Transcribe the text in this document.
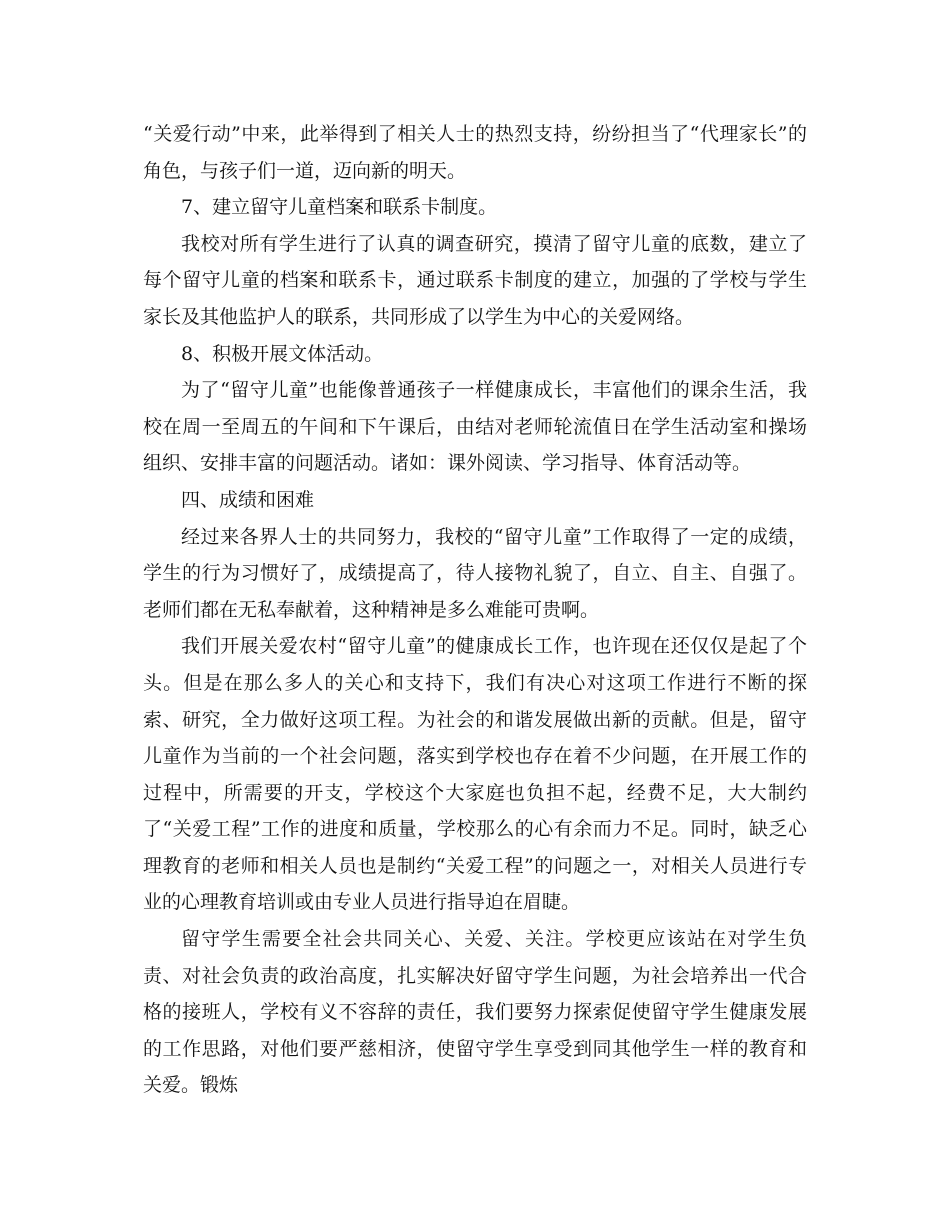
“关爱行动”中来，此举得到了相关人士的热烈支持，纷纷担当了“代理家长”的角色，与孩子们一道，迈向新的明天。

7、建立留守儿童档案和联系卡制度。

我校对所有学生进行了认真的调查研究，摸清了留守儿童的底数，建立了每个留守儿童的档案和联系卡，通过联系卡制度的建立，加强的了学校与学生家长及其他监护人的联系，共同形成了以学生为中心的关爱网络。

8、积极开展文体活动。

为了“留守儿童”也能像普通孩子一样健康成长，丰富他们的课余生活，我校在周一至周五的午间和下午课后，由结对老师轮流值日在学生活动室和操场组织、安排丰富的问题活动。诸如：课外阅读、学习指导、体育活动等。

四、成绩和困难

经过来各界人士的共同努力，我校的“留守儿童”工作取得了一定的成绩，学生的行为习惯好了，成绩提高了，待人接物礼貌了，自立、自主、自强了。老师们都在无私奉献着，这种精神是多么难能可贵啊。

我们开展关爱农村“留守儿童”的健康成长工作，也许现在还仅仅是起了个头。但是在那么多人的关心和支持下，我们有决心对这项工作进行不断的探索、研究，全力做好这项工程。为社会的和谐发展做出新的贡献。但是，留守儿童作为当前的一个社会问题，落实到学校也存在着不少问题，在开展工作的过程中，所需要的开支，学校这个大家庭也负担不起，经费不足，大大制约了“关爱工程”工作的进度和质量，学校那么的心有余而力不足。同时，缺乏心理教育的老师和相关人员也是制约“关爱工程”的问题之一，对相关人员进行专业的心理教育培训或由专业人员进行指导迫在眉睫。

留守学生需要全社会共同关心、关爱、关注。学校更应该站在对学生负责、对社会负责的政治高度，扎实解决好留守学生问题，为社会培养出一代合格的接班人，学校有义不容辞的责任，我们要努力探索促使留守学生健康发展的工作思路，对他们要严慈相济，使留守学生享受到同其他学生一样的教育和关爱。锻炼
